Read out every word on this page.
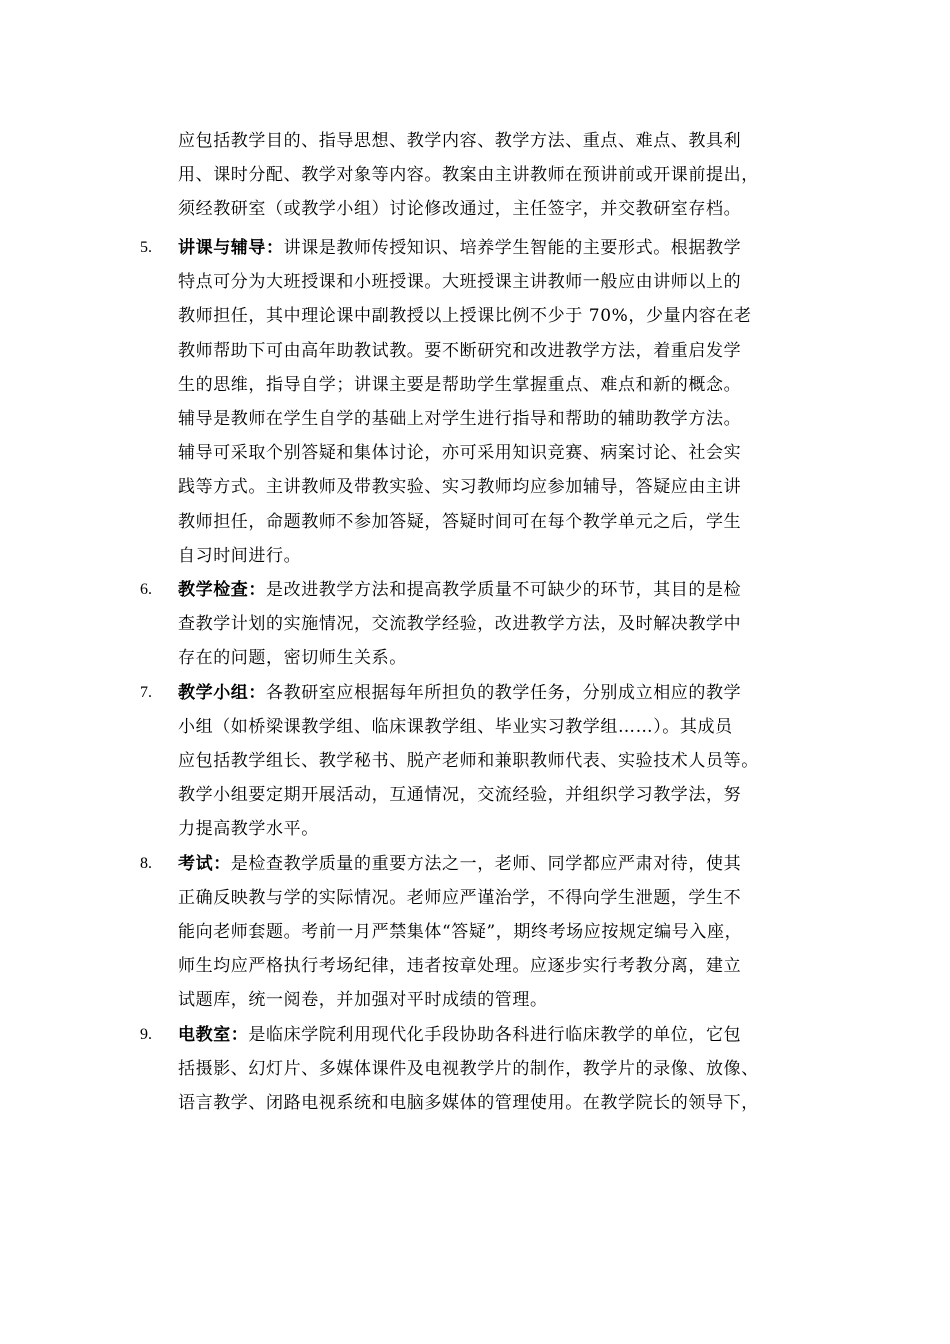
应包括教学目的、指导思想、教学内容、教学方法、重点、难点、教具利
用、课时分配、教学对象等内容。教案由主讲教师在预讲前或开课前提出，
须经教研室（或教学小组）讨论修改通过，主任签字，并交教研室存档。
5. 讲课与辅导：讲课是教师传授知识、培养学生智能的主要形式。根据教学
特点可分为大班授课和小班授课。大班授课主讲教师一般应由讲师以上的
教师担任，其中理论课中副教授以上授课比例不少于 70%，少量内容在老
教师帮助下可由高年助教试教。要不断研究和改进教学方法，着重启发学
生的思维，指导自学；讲课主要是帮助学生掌握重点、难点和新的概念。
辅导是教师在学生自学的基础上对学生进行指导和帮助的辅助教学方法。
辅导可采取个别答疑和集体讨论，亦可采用知识竞赛、病案讨论、社会实
践等方式。主讲教师及带教实验、实习教师均应参加辅导，答疑应由主讲
教师担任，命题教师不参加答疑，答疑时间可在每个教学单元之后，学生
自习时间进行。
6. 教学检查：是改进教学方法和提高教学质量不可缺少的环节，其目的是检
查教学计划的实施情况，交流教学经验，改进教学方法，及时解决教学中
存在的问题，密切师生关系。
7. 教学小组：各教研室应根据每年所担负的教学任务，分别成立相应的教学
小组（如桥梁课教学组、临床课教学组、毕业实习教学组……）。其成员
应包括教学组长、教学秘书、脱产老师和兼职教师代表、实验技术人员等。
教学小组要定期开展活动，互通情况，交流经验，并组织学习教学法，努
力提高教学水平。
8. 考试：是检查教学质量的重要方法之一，老师、同学都应严肃对待，使其
正确反映教与学的实际情况。老师应严谨治学，不得向学生泄题，学生不
能向老师套题。考前一月严禁集体“答疑”，期终考场应按规定编号入座，
师生均应严格执行考场纪律，违者按章处理。应逐步实行考教分离，建立
试题库，统一阅卷，并加强对平时成绩的管理。
9. 电教室：是临床学院利用现代化手段协助各科进行临床教学的单位，它包
括摄影、幻灯片、多媒体课件及电视教学片的制作，教学片的录像、放像、
语言教学、闭路电视系统和电脑多媒体的管理使用。在教学院长的领导下，
